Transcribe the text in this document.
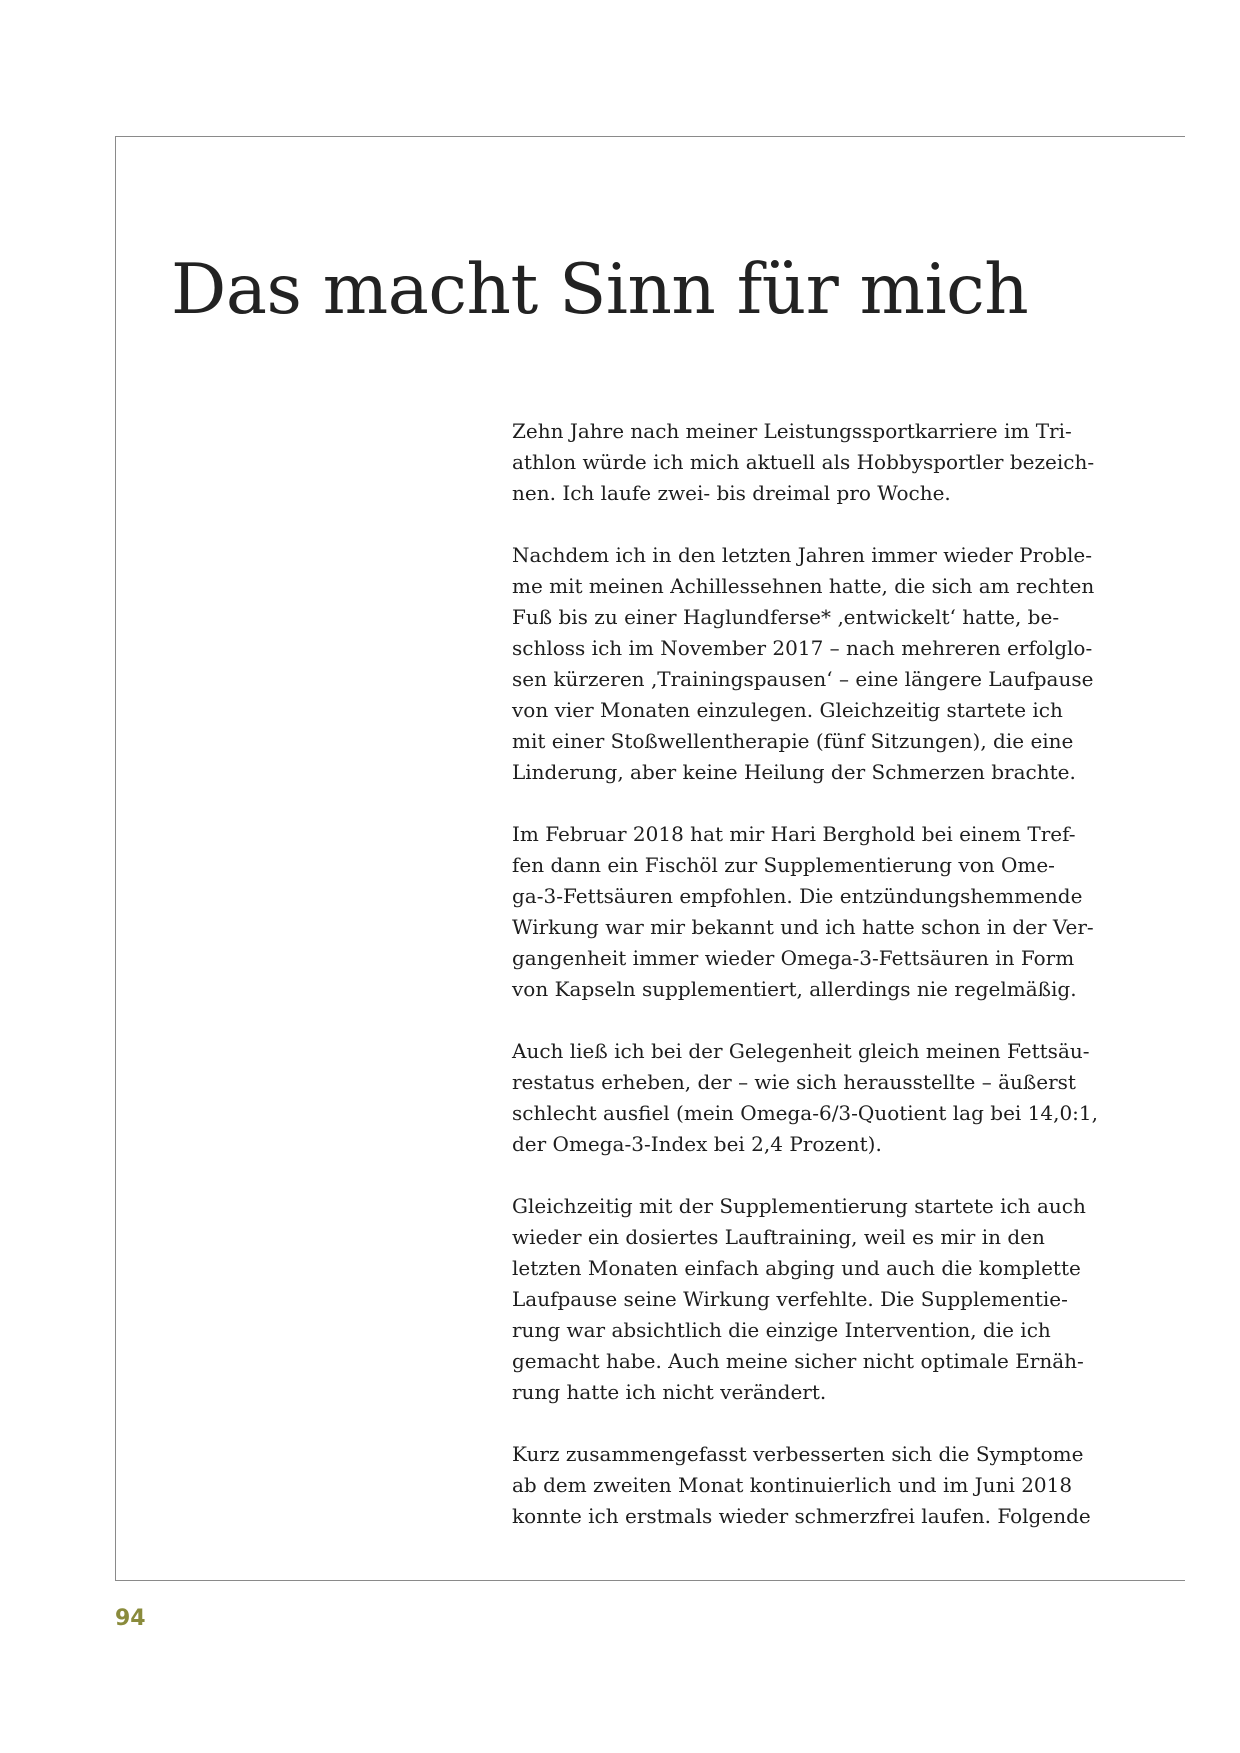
Das macht Sinn für mich

Zehn Jahre nach meiner Leistungssportkarriere im Tri-
athlon würde ich mich aktuell als Hobbysportler bezeich-
nen. Ich laufe zwei- bis dreimal pro Woche.

Nachdem ich in den letzten Jahren immer wieder Proble-
me mit meinen Achillessehnen hatte, die sich am rechten
Fuß bis zu einer Haglundferse* ‚entwickelt‘ hatte, be-
schloss ich im November 2017 – nach mehreren erfolglo-
sen kürzeren ‚Trainingspausen‘ – eine längere Laufpause
von vier Monaten einzulegen. Gleichzeitig startete ich
mit einer Stoßwellentherapie (fünf Sitzungen), die eine
Linderung, aber keine Heilung der Schmerzen brachte.

Im Februar 2018 hat mir Hari Berghold bei einem Tref-
fen dann ein Fischöl zur Supplementierung von Ome-
ga-3-Fettsäuren empfohlen. Die entzündungshemmende
Wirkung war mir bekannt und ich hatte schon in der Ver-
gangenheit immer wieder Omega-3-Fettsäuren in Form
von Kapseln supplementiert, allerdings nie regelmäßig.

Auch ließ ich bei der Gelegenheit gleich meinen Fettsäu-
restatus erheben, der – wie sich herausstellte – äußerst
schlecht ausfiel (mein Omega-6/3-Quotient lag bei 14,0:1,
der Omega-3-Index bei 2,4 Prozent).

Gleichzeitig mit der Supplementierung startete ich auch
wieder ein dosiertes Lauftraining, weil es mir in den
letzten Monaten einfach abging und auch die komplette
Laufpause seine Wirkung verfehlte. Die Supplementie-
rung war absichtlich die einzige Intervention, die ich
gemacht habe. Auch meine sicher nicht optimale Ernäh-
rung hatte ich nicht verändert.

Kurz zusammengefasst verbesserten sich die Symptome
ab dem zweiten Monat kontinuierlich und im Juni 2018
konnte ich erstmals wieder schmerzfrei laufen. Folgende

94
